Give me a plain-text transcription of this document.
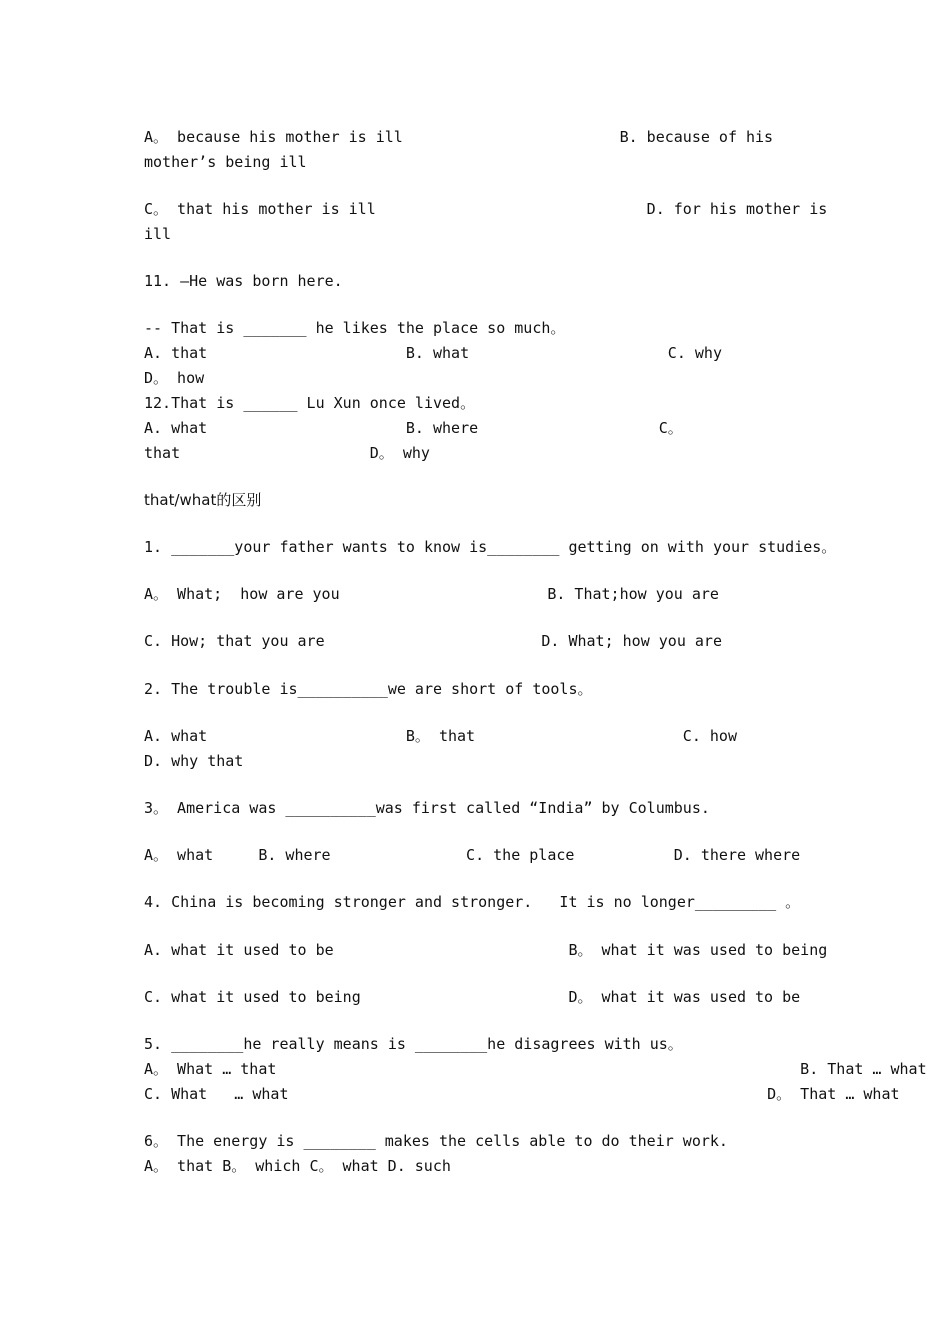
A。 because his mother is ill                        B. because of his
mother’s being ill
C。 that his mother is ill                              D. for his mother is
ill
11. —He was born here.
-- That is _______ he likes the place so much。
A. that                      B. what                      C. why
D。 how
12.That is ______ Lu Xun once lived。
A. what                      B. where                    C。
that                     D。 why
that/what的区别
1. _______your father wants to know is________ getting on with your studies。
A。 What;  how are you                       B. That;how you are
C. How; that you are                        D. What; how you are
2. The trouble is__________we are short of tools。
A. what                      B。 that                       C. how
D. why that
3。 America was __________was first called “India” by Columbus.
A。 what     B. where               C. the place           D. there where
4. China is becoming stronger and stronger.   It is no longer_________ 。
A. what it used to be                          B。 what it was used to being
C. what it used to being                       D。 what it was used to be
5. ________he really means is ________he disagrees with us。
A。 What … that                                                          B. That … what
C. What   … what                                                     D。 That … what
6。 The energy is ________ makes the cells able to do their work.
A。 that B。 which C。 what D. such
